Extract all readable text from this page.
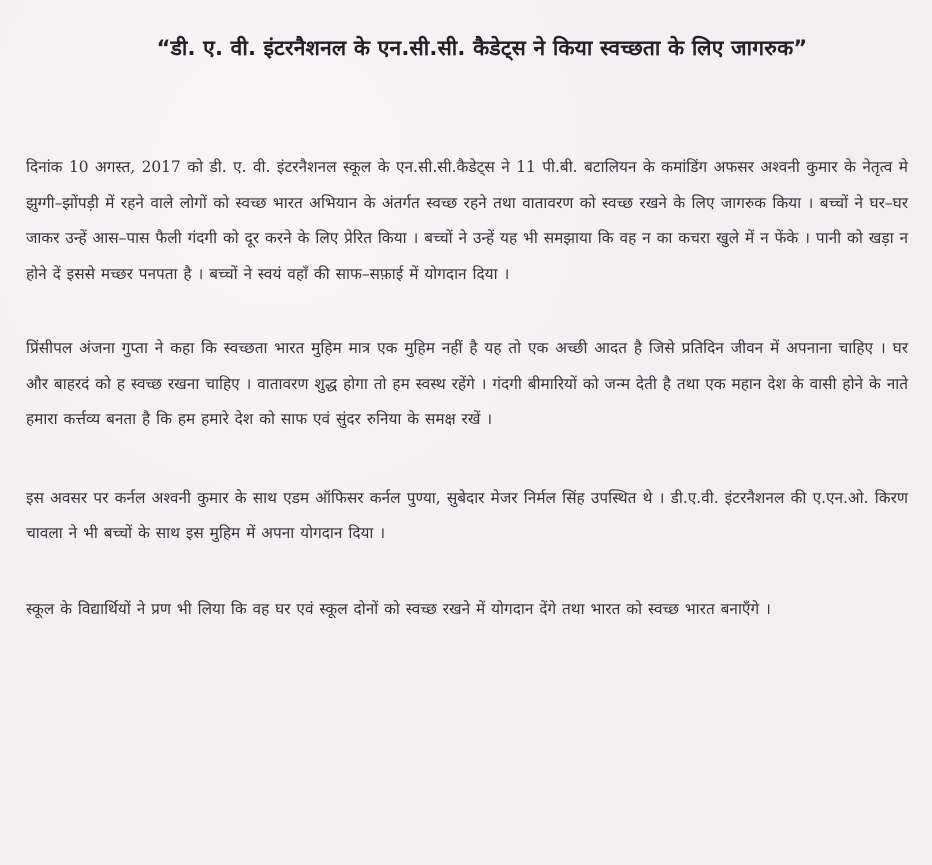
“डी. ए. वी. इंटरनैशनल के एन.सी.सी. कैडेट्स ने किया स्वच्छता के लिए जागरुक”

दिनांक 10 अगस्त, 2017 को डी. ए. वी. इंटरनैशनल स्कूल के एन.सी.सी.कैडेट्स ने 11 पी.बी. बटालियन के कमांडिंग अफसर अश्वनी कुमार के नेतृत्व मे झुग्गी–झोंपड़ी में रहने वाले लोगों को स्वच्छ भारत अभियान के अंतर्गत स्वच्छ रहने तथा वातावरण को स्वच्छ रखने के लिए जागरुक किया । बच्चों ने घर–घर जाकर उन्हें आस–पास फैली गंदगी को दूर करने के लिए प्रेरित किया । बच्चों ने उन्हें यह भी समझाया कि वह न का कचरा खुले में न फेंके । पानी को खड़ा न होने दें इससे मच्छर पनपता है । बच्चों ने स्वयं वहाँ की साफ–सफ़ाई में योगदान दिया ।

प्रिंसीपल अंजना गुप्ता ने कहा कि स्वच्छता भारत मुहिम मात्र एक मुहिम नहीं है यह तो एक अच्छी आदत है जिसे प्रतिदिन जीवन में अपनाना चाहिए । घर और बाहरदं को ह स्वच्छ रखना चाहिए । वातावरण शुद्ध होगा तो हम स्वस्थ रहेंगे । गंदगी बीमारियों को जन्म देती है तथा एक महान देश के वासी होने के नाते हमारा कर्त्तव्य बनता है कि हम हमारे देश को साफ एवं सुंदर रुनिया के समक्ष रखें ।

इस अवसर पर कर्नल अश्वनी कुमार के साथ एडम ऑफिसर कर्नल पुण्या, सुबेदार मेजर निर्मल सिंह उपस्थित थे । डी.ए.वी. इंटरनैशनल की ए.एन.ओ. किरण चावला ने भी बच्चों के साथ इस मुहिम में अपना योगदान दिया ।

स्कूल के विद्यार्थियों ने प्रण भी लिया कि वह घर एवं स्कूल दोनों को स्वच्छ रखने में योगदान देंगे तथा भारत को स्वच्छ भारत बनाएँगे ।
